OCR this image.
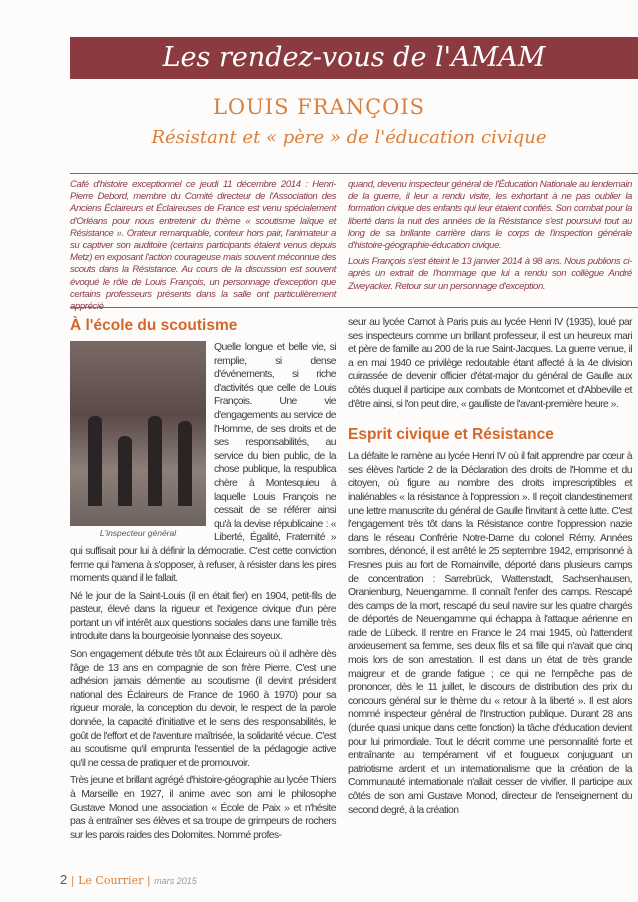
Les rendez-vous de l'AMAM
LOUIS FRANÇOIS
Résistant et « père » de l'éducation civique

Café d'histoire exceptionnel ce jeudi 11 décembre 2014 : Henri-Pierre Debord, membre du Comité directeur de l'Association des Anciens Éclaireurs et Éclaireuses de France est venu spécialement d'Orléans pour nous entretenir du thème « scoutisme laïque et Résistance ». Orateur remarquable, conteur hors pair, l'animateur a su captiver son auditoire (certains participants étaient venus depuis Metz) en exposant l'action courageuse mais souvent méconnue des scouts dans la Résistance. Au cours de la discussion est souvent évoqué le rôle de Louis François, un personnage d'exception que certains professeurs présents dans la salle ont particulièrement

quand, devenu inspecteur général de l'Éducation Nationale au lendemain de la guerre, il leur a rendu visite, les exhortant à ne pas oublier la formation civique des enfants qui leur étaient confiés. Son combat pour la liberté dans la nuit des années de la Résistance s'est poursuivi tout au long de sa brillante carrière dans le corps de l'inspection générale d'histoire-géographie-éducation civique.

Louis François s'est éteint le 13 janvier 2014 à 98 ans. Nous publions ci-après un extrait de l'hommage que lui a rendu son collègue André Zweyacker. Retour sur un personnage d'exception.

À l'école du scoutisme
L'inspecteur général

Quelle longue et belle vie, si remplie, si dense d'événements, si riche d'activités que celle de Louis François. Une vie d'engagements au service de l'Homme, de ses droits et de ses responsabilités, au service du bien public, de la chose publique, la respublica chère à Montesquieu à laquelle Louis François ne cessait de se référer ainsi qu'à la devise républicaine : « Liberté, Égalité, Fraternité » qui suffisait pour lui à définir la démocratie. C'est cette conviction ferme qui l'amena à s'opposer, à refuser, à résister dans les pires moments quand il le fallait.

Né le jour de la Saint-Louis (il en était fier) en 1904, petit-fils de pasteur, élevé dans la rigueur et l'exigence civique d'un père portant un vif intérêt aux questions sociales dans une famille très introduite dans la bourgeoisie lyonnaise des soyeux.

Son engagement débute très tôt aux Éclaireurs où il adhère dès l'âge de 13 ans en compagnie de son frère Pierre. C'est une adhésion jamais démentie au scoutisme (il devint président national des Éclaireurs de France de 1960 à 1970) pour sa rigueur morale, la conception du devoir, le respect de la parole donnée, la capacité d'initiative et le sens des responsabilités, le goût de l'effort et de l'aventure maîtrisée, la solidarité vécue. C'est au scoutisme qu'il emprunta l'essentiel de la pédagogie active qu'il ne cessa de pratiquer et de promouvoir.

Très jeune et brillant agrégé d'histoire-géographie au lycée Thiers à Marseille en 1927, il anime avec son ami le philosophe Gustave Monod une association « École de Paix » et n'hésite pas à entraîner ses élèves et sa troupe de grimpeurs de rochers sur les parois raides des Dolomites. Nommé profes-

seur au lycée Carnot à Paris puis au lycée Henri IV (1935), loué par ses inspecteurs comme un brillant professeur, il est un heureux mari et père de famille au 200 de la rue Saint-Jacques. La guerre venue, il a en mai 1940 ce privilège redoutable étant affecté à la 4e division cuirassée de devenir officier d'état-major du général de Gaulle aux côtés duquel il participe aux combats de Montcornet et d'Abbeville et d'être ainsi, si l'on peut dire, « gaulliste de l'avant-première heure ».

Esprit civique et Résistance

La défaite le ramène au lycée Henri IV où il fait apprendre par cœur à ses élèves l'article 2 de la Déclaration des droits de l'Homme et du citoyen, où figure au nombre des droits imprescriptibles et inaliénables « la résistance à l'oppression ». Il reçoit clandestinement une lettre manuscrite du général de Gaulle l'invitant à cette lutte. C'est l'engagement très tôt dans la Résistance contre l'oppression nazie dans le réseau Confrérie Notre-Dame du colonel Rémy. Années sombres, dénoncé, il est arrêté le 25 septembre 1942, emprisonné à Fresnes puis au fort de Romainville, déporté dans plusieurs camps de concentration : Sarrebrück, Wattenstadt, Sachsenhausen, Oranienburg, Neuengamme. Il connaît l'enfer des camps. Rescapé des camps de la mort, rescapé du seul navire sur les quatre chargés de déportés de Neuengamme qui échappa à l'attaque aérienne en rade de Lübeck. Il rentre en France le 24 mai 1945, où l'attendent anxieusement sa femme, ses deux fils et sa fille qui n'avait que cinq mois lors de son arrestation. Il est dans un état de très grande maigreur et de grande fatigue ; ce qui ne l'empêche pas de prononcer, dès le 11 juillet, le discours de distribution des prix du concours général sur le thème du « retour à la liberté ». Il est alors nommé inspecteur général de l'Instruction publique. Durant 28 ans (durée quasi unique dans cette fonction) la tâche d'éducation devient pour lui primordiale. Tout le décrit comme une personnalité forte et entraînante au tempérament vif et fougueux conjuguant un patriotisme ardent et un internationalisme que la création de la Communauté internationale n'allait cesser de vivifier. Il participe aux côtés de son ami Gustave Monod, directeur de l'enseignement du second degré, à la création

2 | Le Courrier | mars 2015
